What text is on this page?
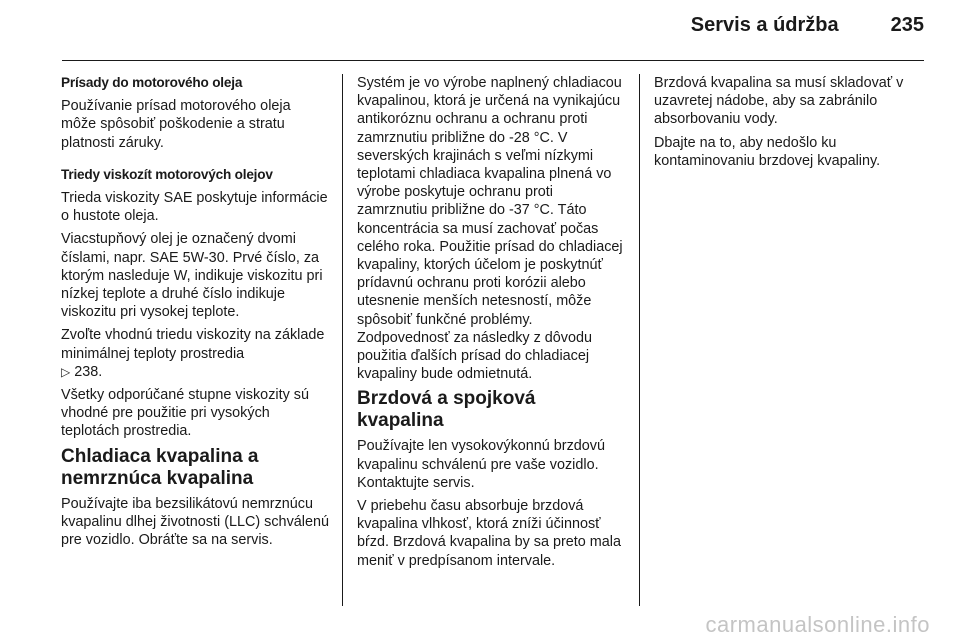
Servis a údržba	235

Prísady do motorového oleja

Používanie prísad motorového oleja môže spôsobiť poškodenie a stratu platnosti záruky.

Triedy viskozít motorových olejov

Trieda viskozity SAE poskytuje informácie o hustote oleja.

Viacstupňový olej je označený dvomi číslami, napr. SAE 5W-30. Prvé číslo, za ktorým nasleduje W, indikuje viskozitu pri nízkej teplote a druhé číslo indikuje viskozitu pri vysokej teplote.

Zvoľte vhodnú triedu viskozity na základe minimálnej teploty prostredia
▷ 238.

Všetky odporúčané stupne viskozity sú vhodné pre použitie pri vysokých teplotách prostredia.

Chladiaca kvapalina a nemrznúca kvapalina

Používajte iba bezsilikátovú nemrznúcu kvapalinu dlhej životnosti (LLC) schválenú pre vozidlo. Obráťte sa na servis.

Systém je vo výrobe naplnený chladiacou kvapalinou, ktorá je určená na vynikajúcu antikoróznu ochranu a ochranu proti zamrznutiu približne do -28 °C. V severských krajinách s veľmi nízkymi teplotami chladiaca kvapalina plnená vo výrobe poskytuje ochranu proti zamrznutiu približne do -37 °C. Táto koncentrácia sa musí zachovať počas celého roka. Použitie prísad do chladiacej kvapaliny, ktorých účelom je poskytnúť prídavnú ochranu proti korózii alebo utesnenie menších netesností, môže spôsobiť funkčné problémy. Zodpovednosť za následky z dôvodu použitia ďalších prísad do chladiacej kvapaliny bude odmietnutá.

Brzdová a spojková kvapalina

Používajte len vysokovýkonnú brzdovú kvapalinu schválenú pre vaše vozidlo. Kontaktujte servis.

V priebehu času absorbuje brzdová kvapalina vlhkosť, ktorá zníži účinnosť bŕzd. Brzdová kvapalina by sa preto mala meniť v predpísanom intervale.

Brzdová kvapalina sa musí skladovať v uzavretej nádobe, aby sa zabránilo absorbovaniu vody.

Dbajte na to, aby nedošlo ku kontaminovaniu brzdovej kvapaliny.

carmanualsonline.info
